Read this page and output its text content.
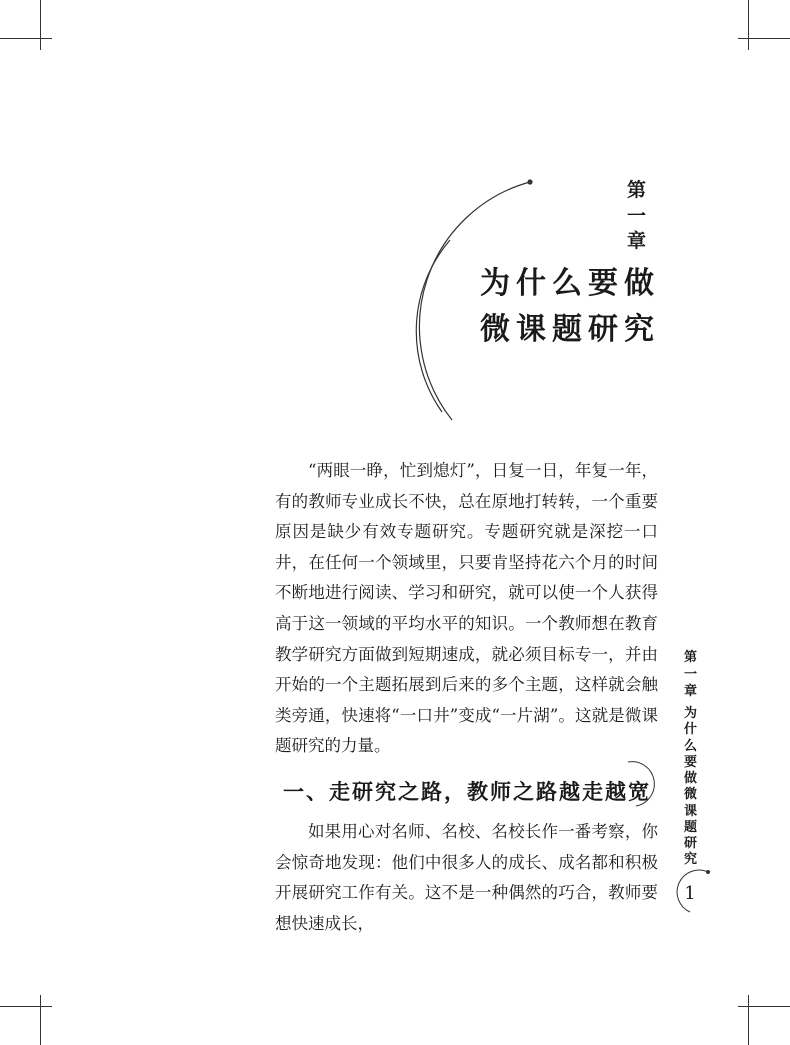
第一章
为什么要做
微课题研究

“两眼一睁，忙到熄灯”，日复一日，年复一年，有的教师专业成长不快，总在原地打转转，一个重要原因是缺少有效专题研究。专题研究就是深挖一口井，在任何一个领域里，只要肯坚持花六个月的时间不断地进行阅读、学习和研究，就可以使一个人获得高于这一领域的平均水平的知识。一个教师想在教育教学研究方面做到短期速成，就必须目标专一，并由开始的一个主题拓展到后来的多个主题，这样就会触类旁通，快速将“一口井”变成“一片湖”。这就是微课题研究的力量。

一、走研究之路，教师之路越走越宽

如果用心对名师、名校、名校长作一番考察，你会惊奇地发现：他们中很多人的成长、成名都和积极开展研究工作有关。这不是一种偶然的巧合，教师要想快速成长，

第一章
为什么要做微课题研究
1
